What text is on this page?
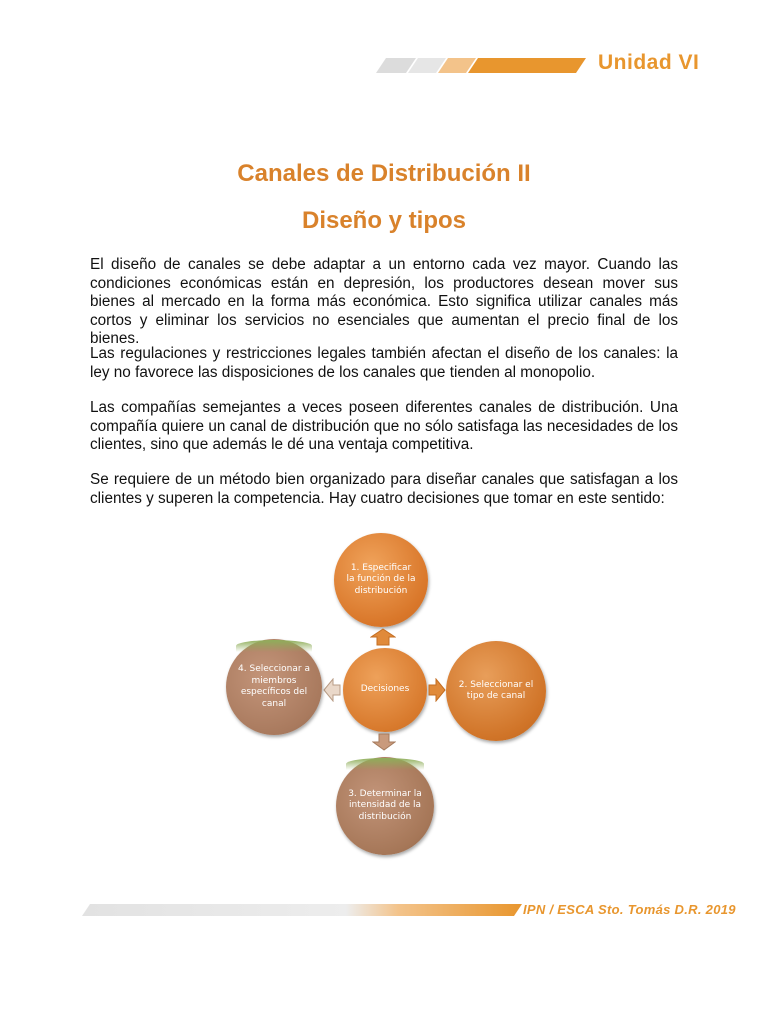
Unidad VI
Canales de Distribución II
Diseño y tipos

El diseño de canales se debe adaptar a un entorno cada vez mayor. Cuando las condiciones económicas están en depresión, los productores desean mover sus bienes al mercado en la forma más económica. Esto significa utilizar canales más cortos y eliminar los servicios no esenciales que aumentan el precio final de los bienes.

Las regulaciones y restricciones legales también afectan el diseño de los canales: la ley no favorece las disposiciones de los canales que tienden al monopolio.

Las compañías semejantes a veces poseen diferentes canales de distribución. Una compañía quiere un canal de distribución que no sólo satisfaga las necesidades de los clientes, sino que además le dé una ventaja competitiva.

Se requiere de un método bien organizado para diseñar canales que satisfagan a los clientes y superen la competencia. Hay cuatro decisiones que tomar en este sentido:

1. Especificar la función de la distribución
Decisiones	2. Seleccionar el tipo de canal
4. Seleccionar a miembros específicos del canal
3. Determinar la intensidad de la distribución
IPN / ESCA Sto. Tomás D.R. 2019
